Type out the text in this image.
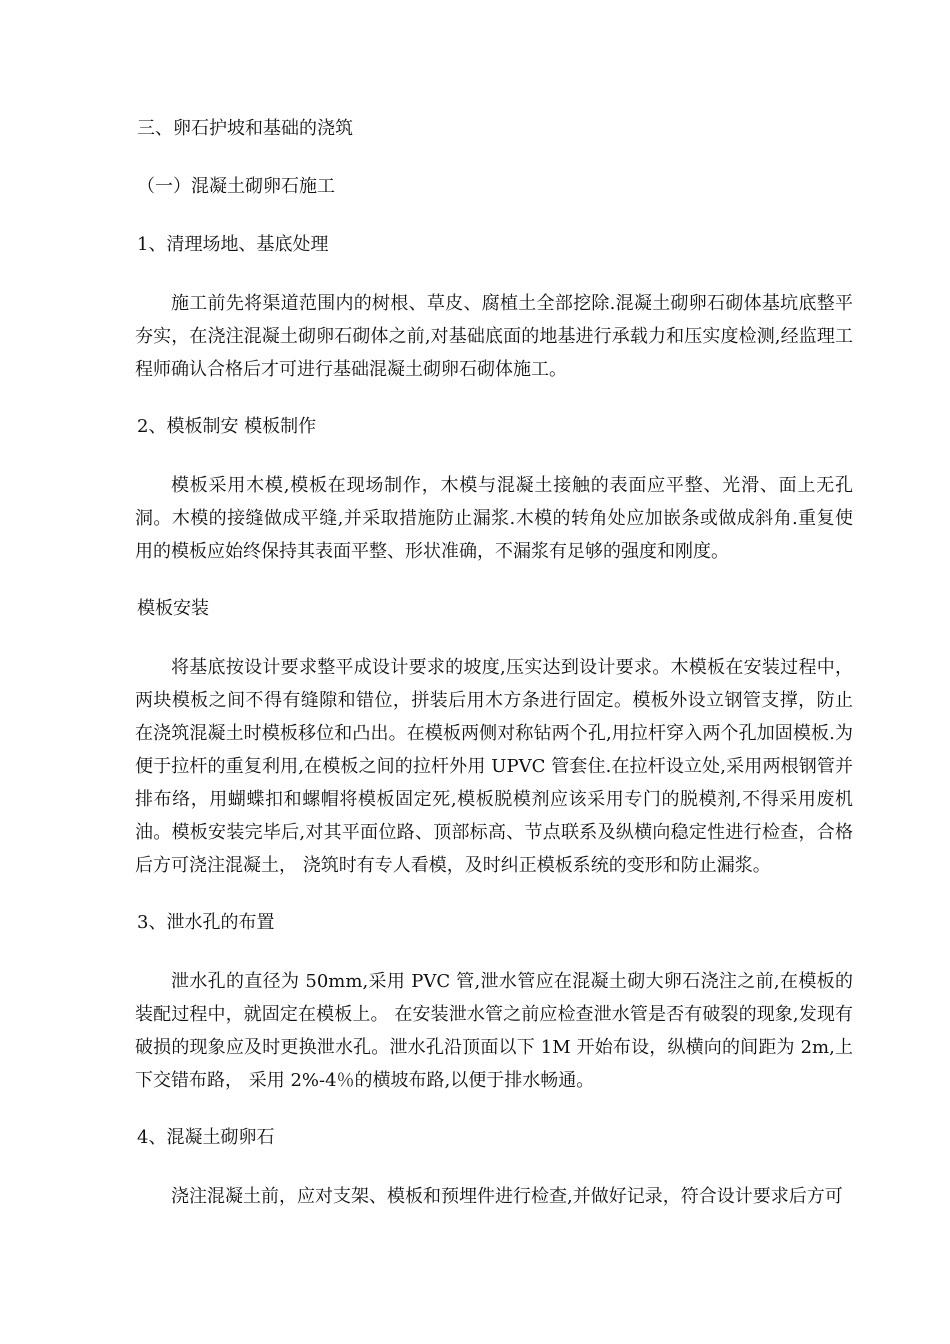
三、卵石护坡和基础的浇筑

（一）混凝土砌卵石施工

1、清理场地、基底处理

施工前先将渠道范围内的树根、草皮、腐植土全部挖除.混凝土砌卵石砌体基坑底整平夯实，在浇注混凝土砌卵石砌体之前,对基础底面的地基进行承载力和压实度检测,经监理工程师确认合格后才可进行基础混凝土砌卵石砌体施工。

2、模板制安 模板制作

模板采用木模,模板在现场制作，木模与混凝土接触的表面应平整、光滑、面上无孔洞。木模的接缝做成平缝,并采取措施防止漏浆.木模的转角处应加嵌条或做成斜角.重复使用的模板应始终保持其表面平整、形状准确，不漏浆有足够的强度和刚度。

模板安装

将基底按设计要求整平成设计要求的坡度,压实达到设计要求。木模板在安装过程中，两块模板之间不得有缝隙和错位，拼装后用木方条进行固定。模板外设立钢管支撑，防止在浇筑混凝土时模板移位和凸出。在模板两侧对称钻两个孔,用拉杆穿入两个孔加固模板.为便于拉杆的重复利用,在模板之间的拉杆外用 UPVC 管套住.在拉杆设立处,采用两根钢管并排布络，用蝴蝶扣和螺帽将模板固定死,模板脱模剂应该采用专门的脱模剂,不得采用废机油。模板安装完毕后,对其平面位路、顶部标高、节点联系及纵横向稳定性进行检查，合格后方可浇注混凝土， 浇筑时有专人看模，及时纠正模板系统的变形和防止漏浆。

3、泄水孔的布置

泄水孔的直径为 50mm,采用 PVC 管,泄水管应在混凝土砌大卵石浇注之前,在模板的装配过程中，就固定在模板上。 在安装泄水管之前应检查泄水管是否有破裂的现象,发现有破损的现象应及时更换泄水孔。泄水孔沿顶面以下 1M 开始布设，纵横向的间距为 2m,上下交错布路， 采用 2%-4％的横坡布路,以便于排水畅通。

4、混凝土砌卵石

浇注混凝土前，应对支架、模板和预埋件进行检查,并做好记录，符合设计要求后方可
